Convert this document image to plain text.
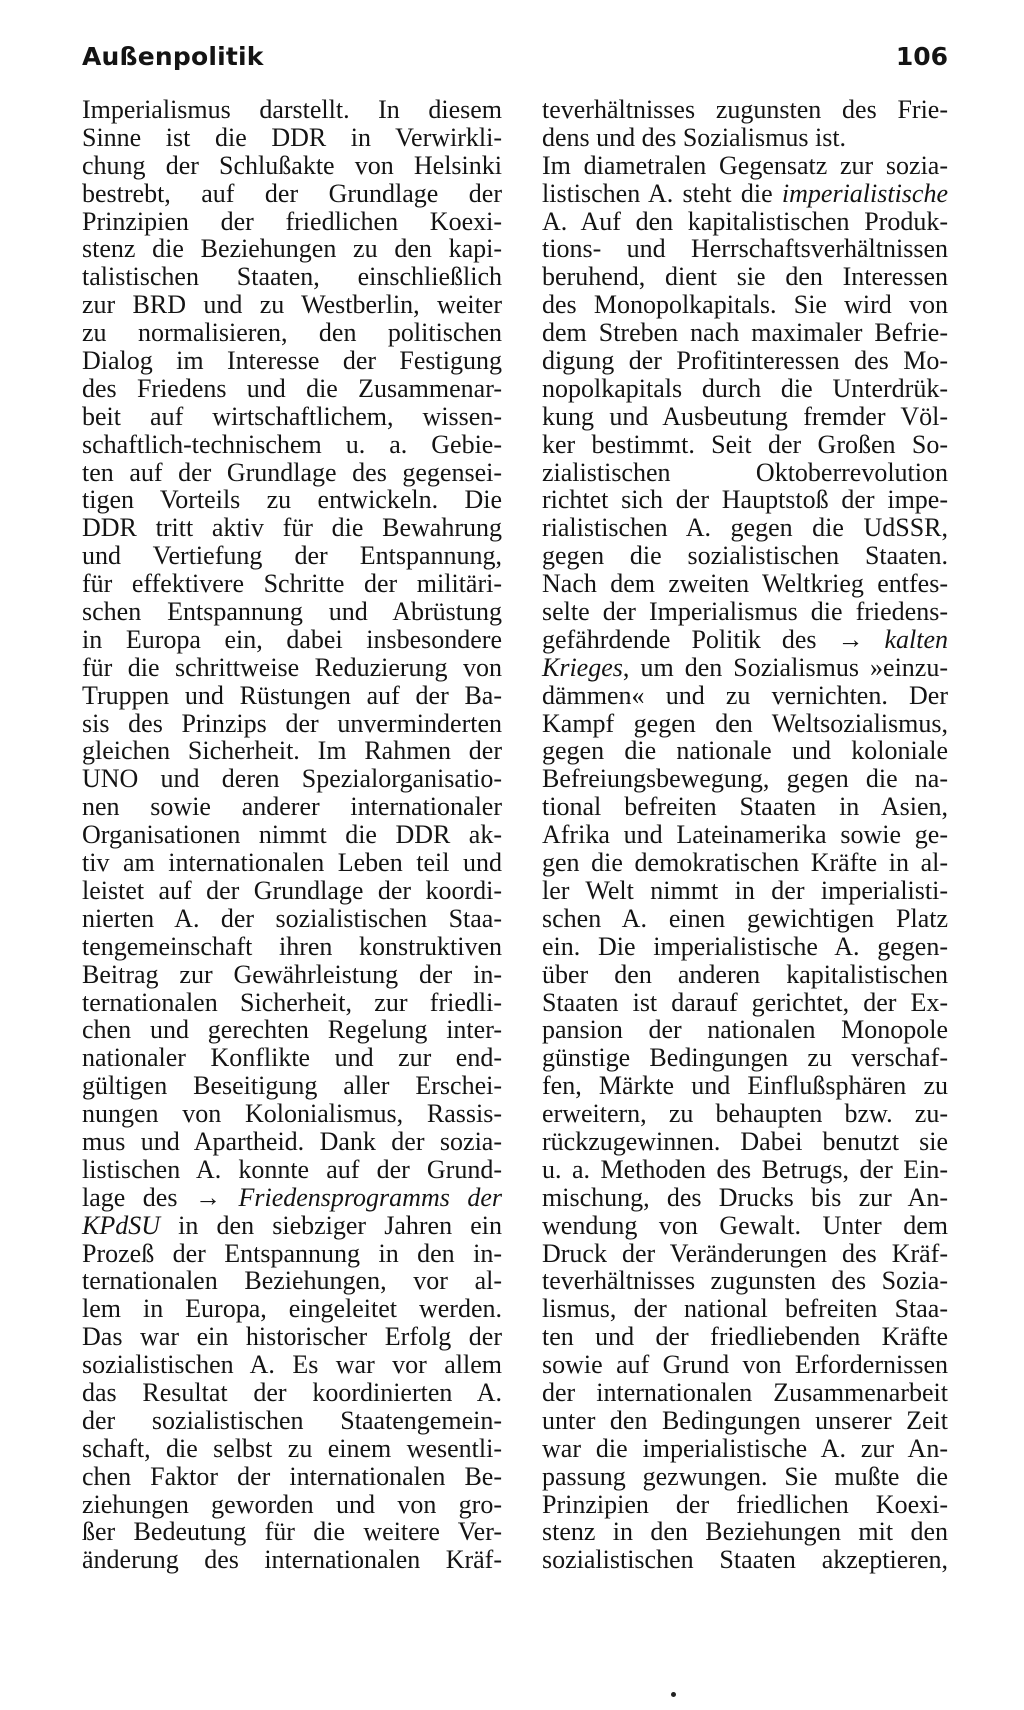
Außenpolitik	106
Imperialismus darstellt. In diesem
Sinne ist die DDR in Verwirkli-
chung der Schlußakte von Helsinki
bestrebt, auf der Grundlage der
Prinzipien der friedlichen Koexi-
stenz die Beziehungen zu den kapi-
talistischen Staaten, einschließlich
zur BRD und zu Westberlin, weiter
zu normalisieren, den politischen
Dialog im Interesse der Festigung
des Friedens und die Zusammenar-
beit auf wirtschaftlichem, wissen-
schaftlich-technischem u. a. Gebie-
ten auf der Grundlage des gegensei-
tigen Vorteils zu entwickeln. Die
DDR tritt aktiv für die Bewahrung
und Vertiefung der Entspannung,
für effektivere Schritte der militäri-
schen Entspannung und Abrüstung
in Europa ein, dabei insbesondere
für die schrittweise Reduzierung von
Truppen und Rüstungen auf der Ba-
sis des Prinzips der unverminderten
gleichen Sicherheit. Im Rahmen der
UNO und deren Spezialorganisatio-
nen sowie anderer internationaler
Organisationen nimmt die DDR ak-
tiv am internationalen Leben teil und
leistet auf der Grundlage der koordi-
nierten A. der sozialistischen Staa-
tengemeinschaft ihren konstruktiven
Beitrag zur Gewährleistung der in-
ternationalen Sicherheit, zur friedli-
chen und gerechten Regelung inter-
nationaler Konflikte und zur end-
gültigen Beseitigung aller Erschei-
nungen von Kolonialismus, Rassis-
mus und Apartheid. Dank der sozia-
listischen A. konnte auf der Grund-
lage des → Friedensprogramms der
KPdSU in den siebziger Jahren ein
Prozeß der Entspannung in den in-
ternationalen Beziehungen, vor al-
lem in Europa, eingeleitet werden.
Das war ein historischer Erfolg der
sozialistischen A. Es war vor allem
das Resultat der koordinierten A.
der sozialistischen Staatengemein-
schaft, die selbst zu einem wesentli-
chen Faktor der internationalen Be-
ziehungen geworden und von gro-
ßer Bedeutung für die weitere Ver-
änderung des internationalen Kräf-
teverhältnisses zugunsten des Frie-
dens und des Sozialismus ist.
Im diametralen Gegensatz zur sozia-
listischen A. steht die imperialistische
A. Auf den kapitalistischen Produk-
tions- und Herrschaftsverhältnissen
beruhend, dient sie den Interessen
des Monopolkapitals. Sie wird von
dem Streben nach maximaler Befrie-
digung der Profitinteressen des Mo-
nopolkapitals durch die Unterdrük-
kung und Ausbeutung fremder Völ-
ker bestimmt. Seit der Großen So-
zialistischen Oktoberrevolution
richtet sich der Hauptstoß der impe-
rialistischen A. gegen die UdSSR,
gegen die sozialistischen Staaten.
Nach dem zweiten Weltkrieg entfes-
selte der Imperialismus die friedens-
gefährdende Politik des → kalten
Krieges, um den Sozialismus »einzu-
dämmen« und zu vernichten. Der
Kampf gegen den Weltsozialismus,
gegen die nationale und koloniale
Befreiungsbewegung, gegen die na-
tional befreiten Staaten in Asien,
Afrika und Lateinamerika sowie ge-
gen die demokratischen Kräfte in al-
ler Welt nimmt in der imperialisti-
schen A. einen gewichtigen Platz
ein. Die imperialistische A. gegen-
über den anderen kapitalistischen
Staaten ist darauf gerichtet, der Ex-
pansion der nationalen Monopole
günstige Bedingungen zu verschaf-
fen, Märkte und Einflußsphären zu
erweitern, zu behaupten bzw. zu-
rückzugewinnen. Dabei benutzt sie
u. a. Methoden des Betrugs, der Ein-
mischung, des Drucks bis zur An-
wendung von Gewalt. Unter dem
Druck der Veränderungen des Kräf-
teverhältnisses zugunsten des Sozia-
lismus, der national befreiten Staa-
ten und der friedliebenden Kräfte
sowie auf Grund von Erfordernissen
der internationalen Zusammenarbeit
unter den Bedingungen unserer Zeit
war die imperialistische A. zur An-
passung gezwungen. Sie mußte die
Prinzipien der friedlichen Koexi-
stenz in den Beziehungen mit den
sozialistischen Staaten akzeptieren,
